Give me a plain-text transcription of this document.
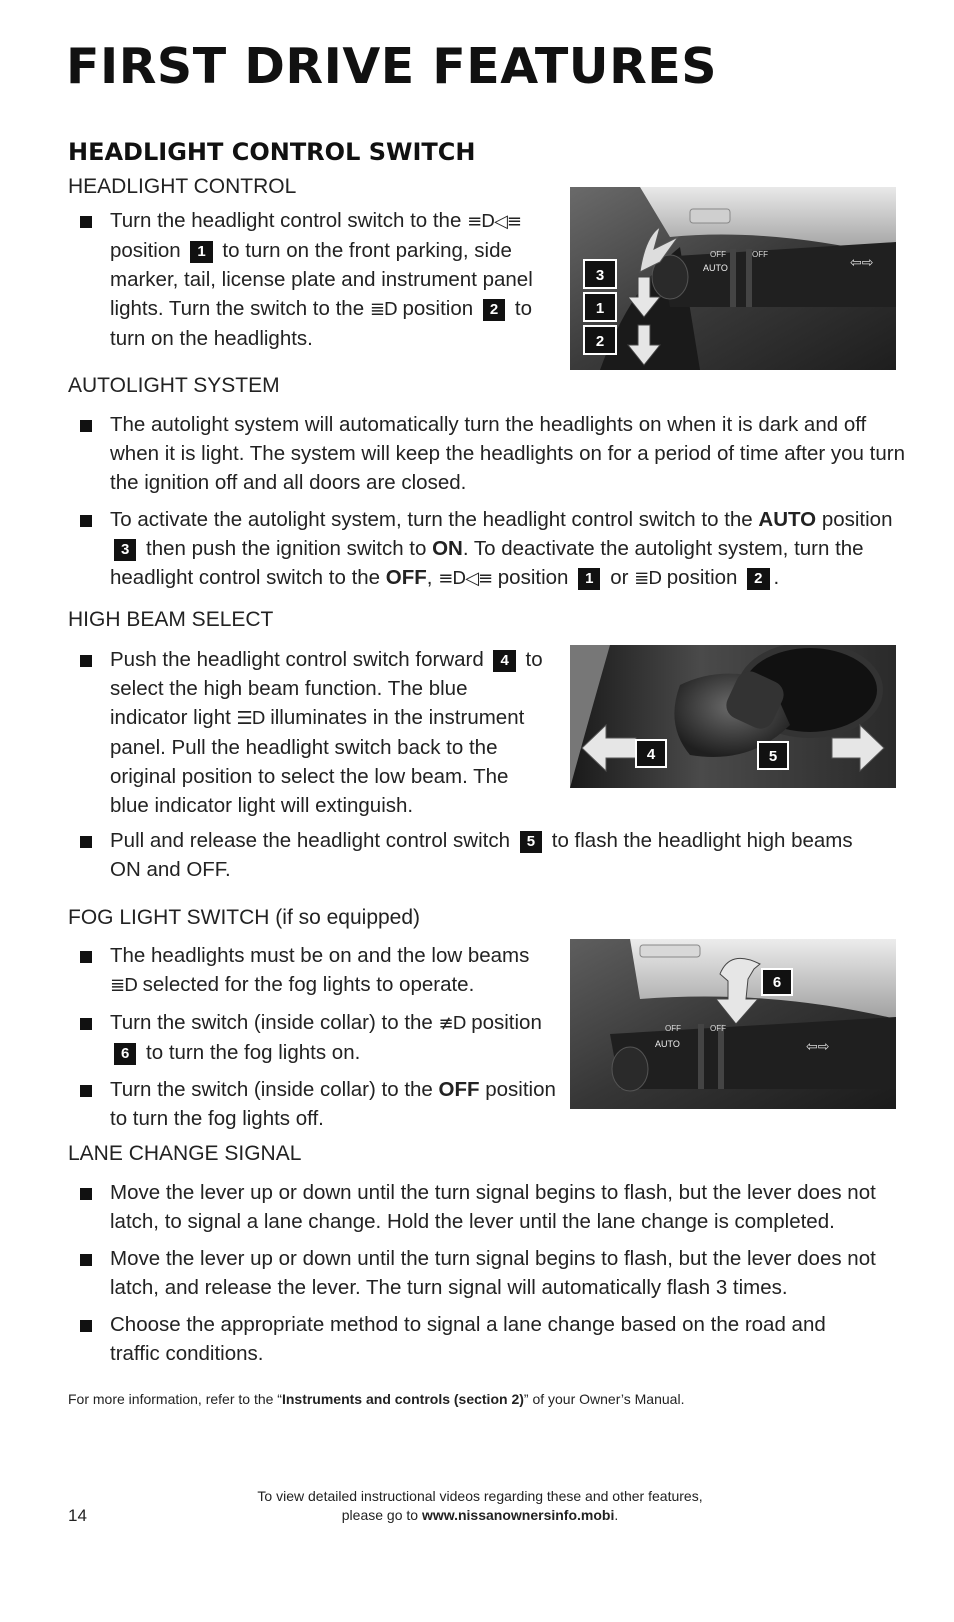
FIRST DRIVE FEATURES
HEADLIGHT CONTROL SWITCH
HEADLIGHT CONTROL
Turn the headlight control switch to the ≡D◁≡ position 1 to turn on the front parking, side marker, tail, license plate and instrument panel lights. Turn the switch to the ≣D position 2 to turn on the headlights.
OFF	OFF
AUTO	⇦⇨
3
1
2
AUTOLIGHT SYSTEM
The autolight system will automatically turn the headlights on when it is dark and off when it is light. The system will keep the headlights on for a period of time after you turn the ignition off and all doors are closed.
To activate the autolight system, turn the headlight control switch to the AUTO position 3 then push the ignition switch to ON. To deactivate the autolight system, turn the headlight control switch to the OFF, ≡D◁≡ position 1 or ≣D position 2 .
HIGH BEAM SELECT
Push the headlight control switch forward 4 to select the high beam function. The blue indicator light ☰D illuminates in the instrument panel. Pull the headlight switch back to the original position to select the low beam. The blue indicator light will extinguish.
Pull and release the headlight control switch 5 to flash the headlight high beams ON and OFF.
4	5
FOG LIGHT SWITCH (if so equipped)
The headlights must be on and the low beams ≣D selected for the fog lights to operate.
Turn the switch (inside collar) to the ≢D position 6 to turn the fog lights on.
Turn the switch (inside collar) to the OFF position to turn the fog lights off.
OFF	OFF
AUTO	⇦⇨
6
LANE CHANGE SIGNAL
Move the lever up or down until the turn signal begins to flash, but the lever does not latch, to signal a lane change. Hold the lever until the lane change is completed.
Move the lever up or down until the turn signal begins to flash, but the lever does not latch, and release the lever. The turn signal will automatically flash 3 times.
Choose the appropriate method to signal a lane change based on the road and traffic conditions.
For more information, refer to the “Instruments and controls (section 2)” of your Owner’s Manual.
To view detailed instructional videos regarding these and other features,
please go to www.nissanownersinfo.mobi.
14
